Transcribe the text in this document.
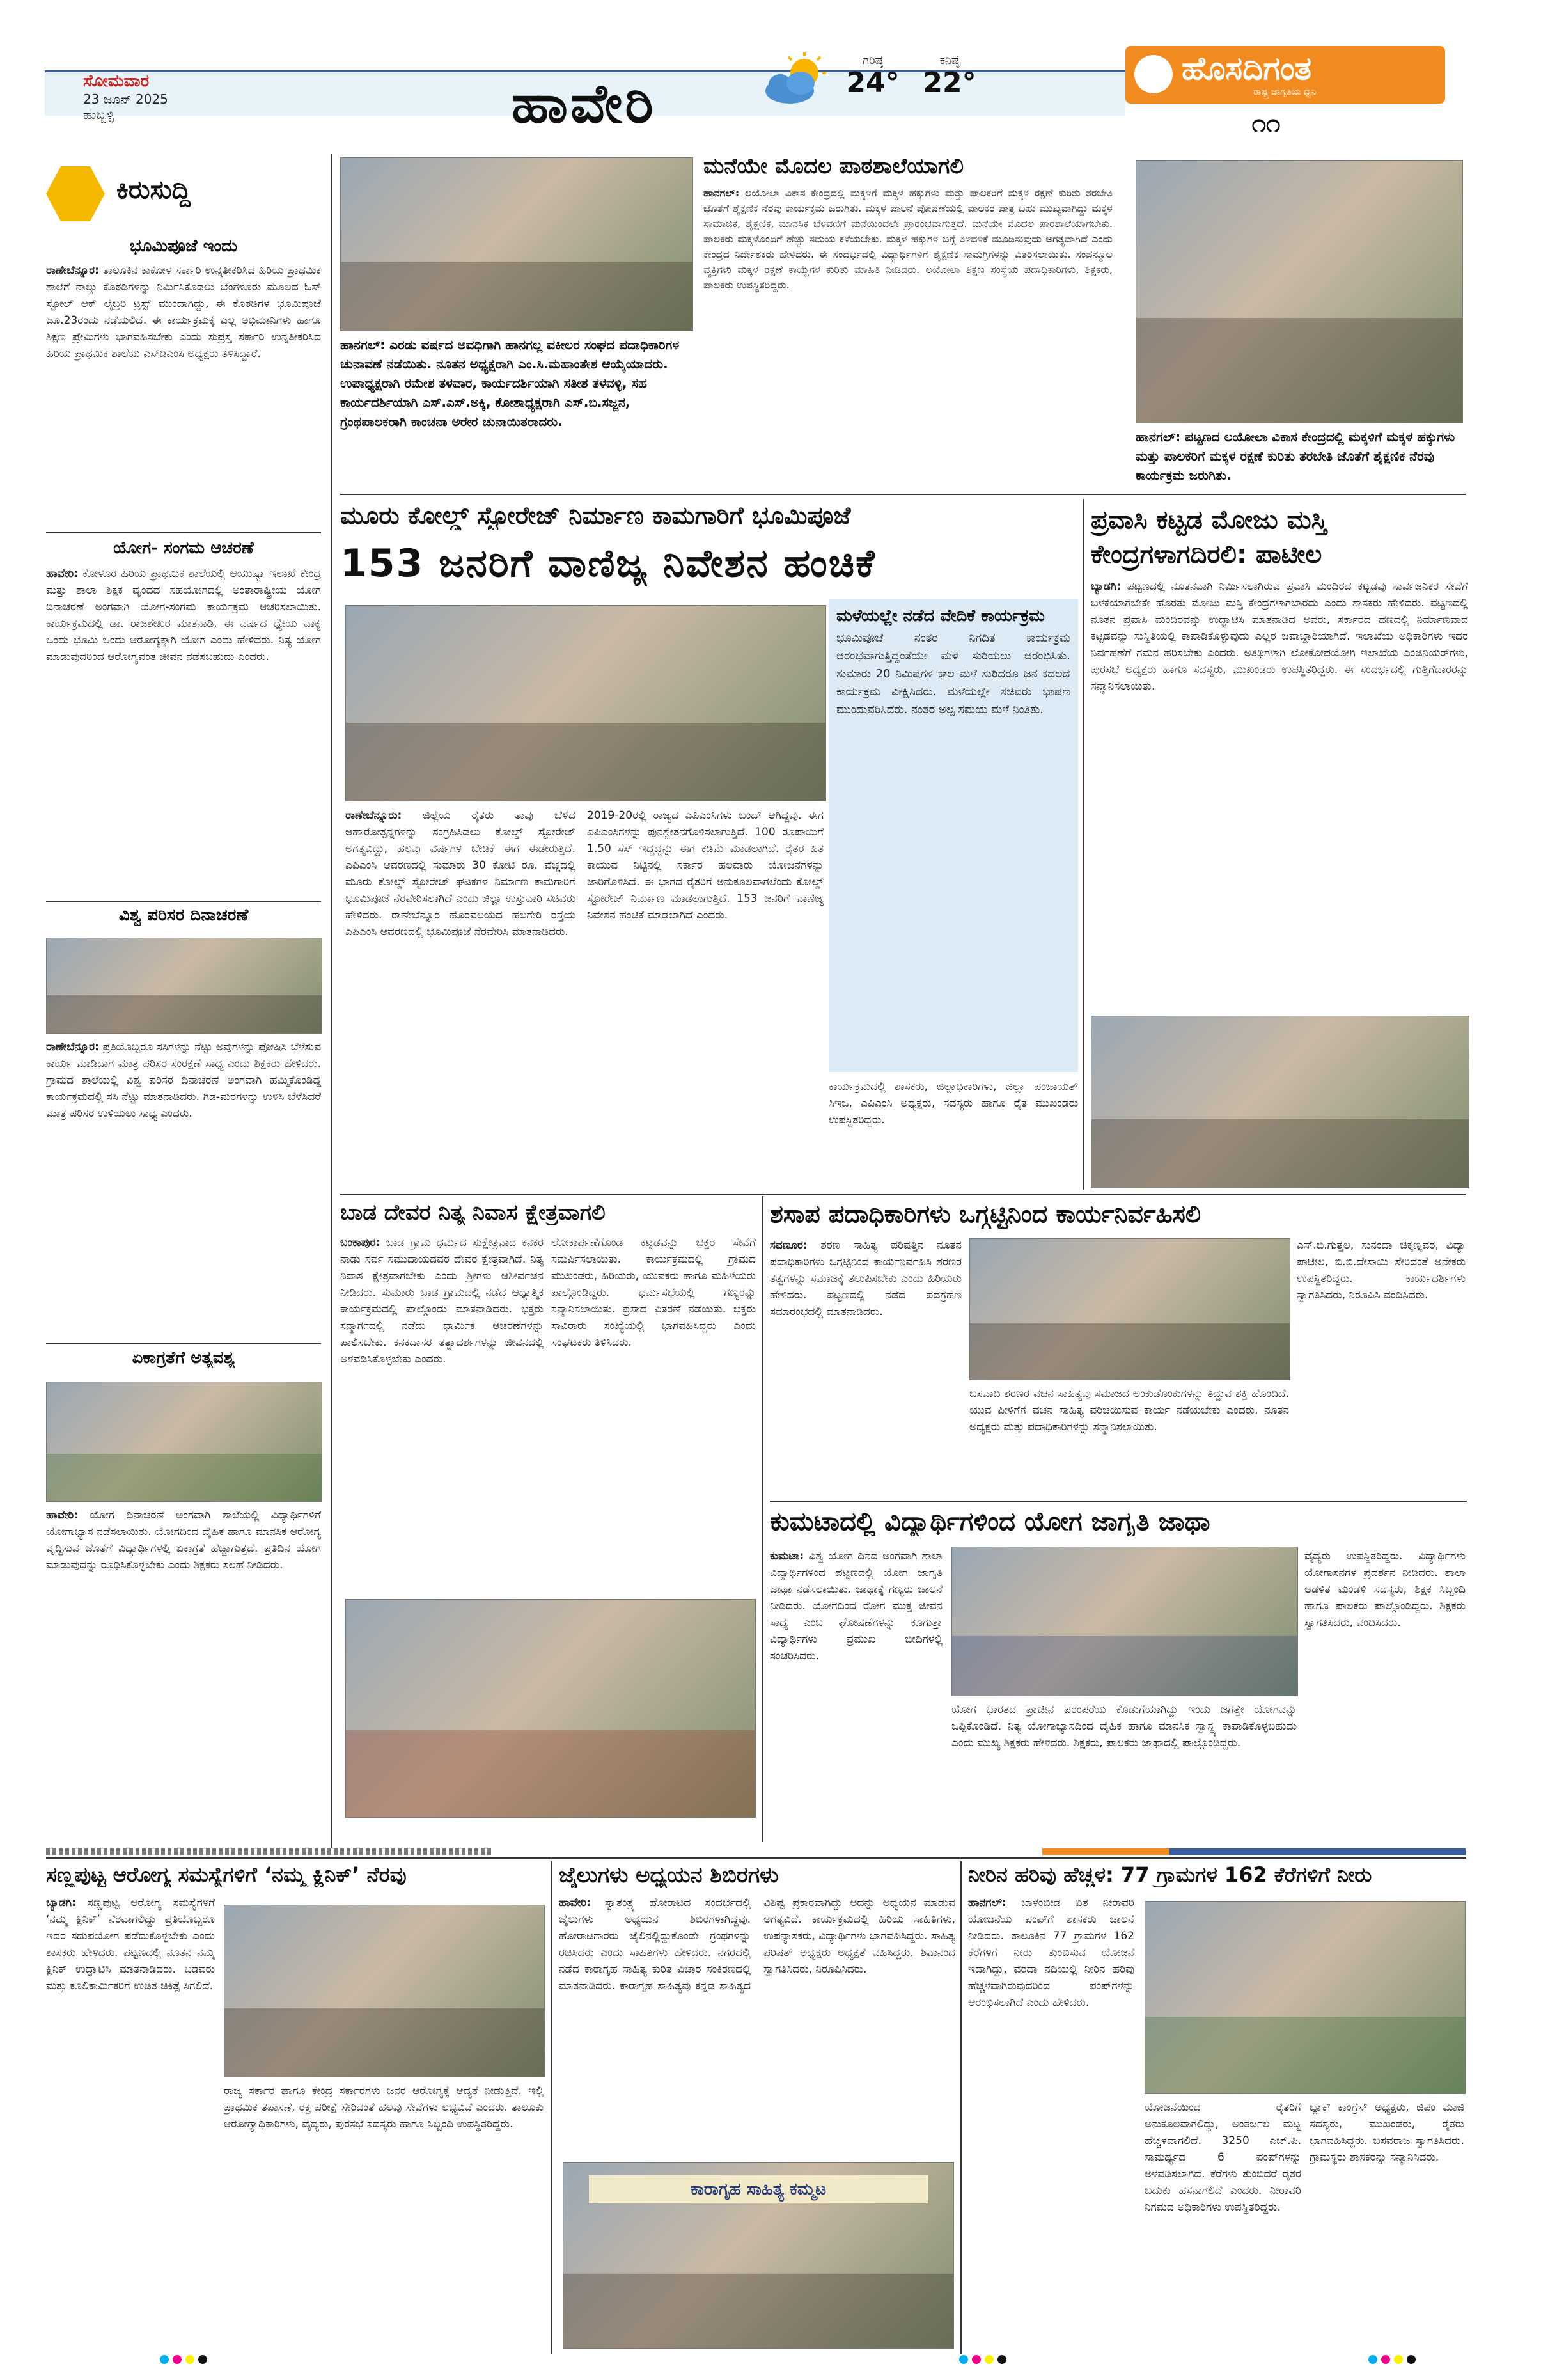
ಸೋಮವಾರ
23 ಜೂನ್ 2025
ಹುಬ್ಬಳ್ಳಿ	ಹಾವೇರಿ
ಗರಿಷ್ಠ
24°
ಕನಿಷ್ಠ
22°	ಹೊಸದಿಗಂತ
ರಾಷ್ಟ್ರ ಜಾಗೃತಿಯ ಧ್ವನಿ
೧೧
ಕಿರುಸುದ್ದಿ
ಭೂಮಿಪೂಜೆ ಇಂದು
ರಾಣೇಬೆನ್ನೂರ: ತಾಲೂಕಿನ ಕಾಕೋಳ ಸರ್ಕಾರಿ ಉನ್ನತೀಕರಿಸಿದ ಹಿರಿಯ ಪ್ರಾಥಮಿಕ ಶಾಲೆಗೆ ನಾಲ್ಕು ಕೊಠಡಿಗಳನ್ನು ನಿರ್ಮಿಸಿಕೊಡಲು ಬೆಂಗಳೂರು ಮೂಲದ ಓಸ್ ಸ್ಟೋಲ್ ಆಕ್ ಲೈಬ್ರರಿ ಟ್ರಸ್ಟ್‌ ಮುಂದಾಗಿದ್ದು, ಈ ಕೊಠಡಿಗಳ ಭೂಮಿಪೂಜೆ ಜೂ.23ರಂದು ನಡೆಯಲಿದೆ. ಈ ಕಾರ್ಯಕ್ರಮಕ್ಕೆ ಎಲ್ಲ ಅಭಿಮಾನಿಗಳು ಹಾಗೂ ಶಿಕ್ಷಣ ಪ್ರೇಮಿಗಳು ಭಾಗವಹಿಸಬೇಕು ಎಂದು ಸುಪ್ರಸ್ತ ಸರ್ಕಾರಿ ಉನ್ನತೀಕರಿಸಿದ ಹಿರಿಯ ಪ್ರಾಥಮಿಕ ಶಾಲೆಯ ಎಸ್‌ಡಿಎಂಸಿ ಅಧ್ಯಕ್ಷರು ತಿಳಿಸಿದ್ದಾರೆ.
ಯೋಗ- ಸಂಗಮ ಆಚರಣೆ
ಹಾವೇರಿ: ಕೋಳೂರ ಹಿರಿಯ ಪ್ರಾಥಮಿಕ ಶಾಲೆಯಲ್ಲಿ ಆಯುಷ್ಯಾ ಇಲಾಖೆ ಕೇಂದ್ರ ಮತ್ತು ಶಾಲಾ ಶಿಕ್ಷಕ ವೃಂದದ ಸಹಯೋಗದಲ್ಲಿ ಅಂತಾರಾಷ್ಟ್ರೀಯ ಯೋಗ ದಿನಾಚರಣೆ ಅಂಗವಾಗಿ ಯೋಗ-ಸಂಗಮ ಕಾರ್ಯಕ್ರಮ ಆಚರಿಸಲಾಯಿತು. ಕಾರ್ಯಕ್ರಮದಲ್ಲಿ ಡಾ. ರಾಜಶೇಖರ ಮಾತನಾಡಿ, ಈ ವರ್ಷದ ಧ್ಯೇಯ ವಾಕ್ಯ ಒಂದು ಭೂಮಿ ಒಂದು ಆರೋಗ್ಯಕ್ಕಾಗಿ ಯೋಗ ಎಂದು ಹೇಳಿದರು. ನಿತ್ಯ ಯೋಗ ಮಾಡುವುದರಿಂದ ಆರೋಗ್ಯವಂತ ಜೀವನ ನಡೆಸಬಹುದು ಎಂದರು.
ವಿಶ್ವ ಪರಿಸರ ದಿನಾಚರಣೆ
ರಾಣೇಬೆನ್ನೂರ: ಪ್ರತಿಯೊಬ್ಬರೂ ಸಸಿಗಳನ್ನು ನೆಟ್ಟು ಅವುಗಳನ್ನು ಪೋಷಿಸಿ ಬೆಳೆಸುವ ಕಾರ್ಯ ಮಾಡಿದಾಗ ಮಾತ್ರ ಪರಿಸರ ಸಂರಕ್ಷಣೆ ಸಾಧ್ಯ ಎಂದು ಶಿಕ್ಷಕರು ಹೇಳಿದರು. ಗ್ರಾಮದ ಶಾಲೆಯಲ್ಲಿ ವಿಶ್ವ ಪರಿಸರ ದಿನಾಚರಣೆ ಅಂಗವಾಗಿ ಹಮ್ಮಿಕೊಂಡಿದ್ದ ಕಾರ್ಯಕ್ರಮದಲ್ಲಿ ಸಸಿ ನೆಟ್ಟು ಮಾತನಾಡಿದರು. ಗಿಡ-ಮರಗಳನ್ನು ಉಳಿಸಿ ಬೆಳೆಸಿದರೆ ಮಾತ್ರ ಪರಿಸರ ಉಳಿಯಲು ಸಾಧ್ಯ ಎಂದರು.
ಏಕಾಗ್ರತೆಗೆ ಅತ್ಯವಶ್ಯ
ಹಾವೇರಿ: ಯೋಗ ದಿನಾಚರಣೆ ಅಂಗವಾಗಿ ಶಾಲೆಯಲ್ಲಿ ವಿದ್ಯಾರ್ಥಿಗಳಿಗೆ ಯೋಗಾಭ್ಯಾಸ ನಡೆಸಲಾಯಿತು. ಯೋಗದಿಂದ ದೈಹಿಕ ಹಾಗೂ ಮಾನಸಿಕ ಆರೋಗ್ಯ ವೃದ್ಧಿಸುವ ಜೊತೆಗೆ ವಿದ್ಯಾರ್ಥಿಗಳಲ್ಲಿ ಏಕಾಗ್ರತೆ ಹೆಚ್ಚಾಗುತ್ತದೆ. ಪ್ರತಿದಿನ ಯೋಗ ಮಾಡುವುದನ್ನು ರೂಢಿಸಿಕೊಳ್ಳಬೇಕು ಎಂದು ಶಿಕ್ಷಕರು ಸಲಹೆ ನೀಡಿದರು.
ಹಾನಗಲ್: ಎರಡು ವರ್ಷದ ಅವಧಿಗಾಗಿ ಹಾನಗಲ್ಲ ವಕೀಲರ ಸಂಘದ ಪದಾಧಿಕಾರಿಗಳ ಚುನಾವಣೆ ನಡೆಯಿತು. ನೂತನ ಅಧ್ಯಕ್ಷರಾಗಿ ಎಂ.ಸಿ.ಮಹಾಂತೇಶ ಆಯ್ಕೆಯಾದರು. ಉಪಾಧ್ಯಕ್ಷರಾಗಿ ರಮೇಶ ತಳವಾರ, ಕಾರ್ಯದರ್ಶಿಯಾಗಿ ಸತೀಶ ತಳವಳ್ಳಿ, ಸಹ ಕಾರ್ಯದರ್ಶಿಯಾಗಿ ಎಸ್.ಎಸ್.ಅಕ್ಕಿ, ಕೋಶಾಧ್ಯಕ್ಷರಾಗಿ ಎಸ್.ಬಿ.ಸಜ್ಜನ, ಗ್ರಂಥಪಾಲಕರಾಗಿ ಕಾಂಚನಾ ಅರೇರ ಚುನಾಯಿತರಾದರು.
ಮನೆಯೇ ಮೊದಲ ಪಾಠಶಾಲೆಯಾಗಲಿ
ಹಾನಗಲ್: ಲಯೋಲಾ ವಿಕಾಸ ಕೇಂದ್ರದಲ್ಲಿ ಮಕ್ಕಳಿಗೆ ಮಕ್ಕಳ ಹಕ್ಕುಗಳು ಮತ್ತು ಪಾಲಕರಿಗೆ ಮಕ್ಕಳ ರಕ್ಷಣೆ ಕುರಿತು ತರಬೇತಿ ಜೊತೆಗೆ ಶೈಕ್ಷಣಿಕ ನೆರವು ಕಾರ್ಯಕ್ರಮ ಜರುಗಿತು. ಮಕ್ಕಳ ಪಾಲನೆ ಪೋಷಣೆಯಲ್ಲಿ ಪಾಲಕರ ಪಾತ್ರ ಬಹು ಮುಖ್ಯವಾಗಿದ್ದು ಮಕ್ಕಳ ಸಾಮಾಜಿಕ, ಶೈಕ್ಷಣಿಕ, ಮಾನಸಿಕ ಬೆಳವಣಿಗೆ ಮನೆಯಿಂದಲೇ ಪ್ರಾರಂಭವಾಗುತ್ತದೆ. ಮನೆಯೇ ಮೊದಲ ಪಾಠಶಾಲೆಯಾಗಬೇಕು. ಪಾಲಕರು ಮಕ್ಕಳೊಂದಿಗೆ ಹೆಚ್ಚು ಸಮಯ ಕಳೆಯಬೇಕು. ಮಕ್ಕಳ ಹಕ್ಕುಗಳ ಬಗ್ಗೆ ತಿಳಿವಳಿಕೆ ಮೂಡಿಸುವುದು ಅಗತ್ಯವಾಗಿದೆ ಎಂದು ಕೇಂದ್ರದ ನಿರ್ದೇಶಕರು ಹೇಳಿದರು. ಈ ಸಂದರ್ಭದಲ್ಲಿ ವಿದ್ಯಾರ್ಥಿಗಳಿಗೆ ಶೈಕ್ಷಣಿಕ ಸಾಮಗ್ರಿಗಳನ್ನು ವಿತರಿಸಲಾಯಿತು. ಸಂಪನ್ಮೂಲ ವ್ಯಕ್ತಿಗಳು ಮಕ್ಕಳ ರಕ್ಷಣೆ ಕಾಯ್ದೆಗಳ ಕುರಿತು ಮಾಹಿತಿ ನೀಡಿದರು. ಲಯೋಲಾ ಶಿಕ್ಷಣ ಸಂಸ್ಥೆಯ ಪದಾಧಿಕಾರಿಗಳು, ಶಿಕ್ಷಕರು, ಪಾಲಕರು ಉಪಸ್ಥಿತರಿದ್ದರು.
ಹಾನಗಲ್: ಪಟ್ಟಣದ ಲಯೋಲಾ ವಿಕಾಸ ಕೇಂದ್ರದಲ್ಲಿ ಮಕ್ಕಳಿಗೆ ಮಕ್ಕಳ ಹಕ್ಕುಗಳು ಮತ್ತು ಪಾಲಕರಿಗೆ ಮಕ್ಕಳ ರಕ್ಷಣೆ ಕುರಿತು ತರಬೇತಿ ಜೊತೆಗೆ ಶೈಕ್ಷಣಿಕ ನೆರವು ಕಾರ್ಯಕ್ರಮ ಜರುಗಿತು.
ಮೂರು ಕೋಲ್ಡ್ ಸ್ಟೋರೇಜ್ ನಿರ್ಮಾಣ ಕಾಮಗಾರಿಗೆ ಭೂಮಿಪೂಜೆ
153 ಜನರಿಗೆ ವಾಣಿಜ್ಯ ನಿವೇಶನ ಹಂಚಿಕೆ
ಮಳೆಯಲ್ಲೇ ನಡೆದ ವೇದಿಕೆ ಕಾರ್ಯಕ್ರಮ
ಭೂಮಿಪೂಜೆ ನಂತರ ನಿಗದಿತ ಕಾರ್ಯಕ್ರಮ ಆರಂಭವಾಗುತ್ತಿದ್ದಂತೆಯೇ ಮಳೆ ಸುರಿಯಲು ಆರಂಭಿಸಿತು. ಸುಮಾರು 20 ನಿಮಿಷಗಳ ಕಾಲ ಮಳೆ ಸುರಿದರೂ ಜನ ಕದಲದೆ ಕಾರ್ಯಕ್ರಮ ವೀಕ್ಷಿಸಿದರು. ಮಳೆಯಲ್ಲೇ ಸಚಿವರು ಭಾಷಣ ಮುಂದುವರಿಸಿದರು. ನಂತರ ಅಲ್ಪ ಸಮಯ ಮಳೆ ನಿಂತಿತು.
ರಾಣೇಬೆನ್ನೂರು: ಜಿಲ್ಲೆಯ ರೈತರು ತಾವು ಬೆಳೆದ ಆಹಾರೋತ್ಪನ್ನಗಳನ್ನು ಸಂಗ್ರಹಿಸಿಡಲು ಕೋಲ್ಡ್ ಸ್ಟೋರೇಜ್ ಅಗತ್ಯವಿದ್ದು, ಹಲವು ವರ್ಷಗಳ ಬೇಡಿಕೆ ಈಗ ಈಡೇರುತ್ತಿದೆ. ಎಪಿಎಂಸಿ ಆವರಣದಲ್ಲಿ ಸುಮಾರು 30 ಕೋಟಿ ರೂ. ವೆಚ್ಚದಲ್ಲಿ ಮೂರು ಕೋಲ್ಡ್ ಸ್ಟೋರೇಜ್ ಘಟಕಗಳ ನಿರ್ಮಾಣ ಕಾಮಗಾರಿಗೆ ಭೂಮಿಪೂಜೆ ನೆರವೇರಿಸಲಾಗಿದೆ ಎಂದು ಜಿಲ್ಲಾ ಉಸ್ತುವಾರಿ ಸಚಿವರು ಹೇಳಿದರು. ರಾಣೇಬೆನ್ನೂರ ಹೊರವಲಯದ ಹಲಗೇರಿ ರಸ್ತೆಯ ಎಪಿಎಂಸಿ ಆವರಣದಲ್ಲಿ ಭೂಮಿಪೂಜೆ ನೆರವೇರಿಸಿ ಮಾತನಾಡಿದರು.
2019-20ರಲ್ಲಿ ರಾಜ್ಯದ ಎಪಿಎಂಸಿಗಳು ಬಂದ್ ಆಗಿದ್ದವು. ಈಗ ಎಪಿಎಂಸಿಗಳನ್ನು ಪುನಶ್ಚೇತನಗೊಳಿಸಲಾಗುತ್ತಿದೆ. 100 ರೂಪಾಯಿಗೆ 1.50 ಸೆಸ್ ಇದ್ದದ್ದನ್ನು ಈಗ ಕಡಿಮೆ ಮಾಡಲಾಗಿದೆ. ರೈತರ ಹಿತ ಕಾಯುವ ನಿಟ್ಟಿನಲ್ಲಿ ಸರ್ಕಾರ ಹಲವಾರು ಯೋಜನೆಗಳನ್ನು ಜಾರಿಗೊಳಿಸಿದೆ. ಈ ಭಾಗದ ರೈತರಿಗೆ ಅನುಕೂಲವಾಗಲೆಂದು ಕೋಲ್ಡ್ ಸ್ಟೋರೇಜ್ ನಿರ್ಮಾಣ ಮಾಡಲಾಗುತ್ತಿದೆ. 153 ಜನರಿಗೆ ವಾಣಿಜ್ಯ ನಿವೇಶನ ಹಂಚಿಕೆ ಮಾಡಲಾಗಿದೆ ಎಂದರು.
ಕಾರ್ಯಕ್ರಮದಲ್ಲಿ ಶಾಸಕರು, ಜಿಲ್ಲಾಧಿಕಾರಿಗಳು, ಜಿಲ್ಲಾ ಪಂಚಾಯತ್ ಸಿಇಒ, ಎಪಿಎಂಸಿ ಅಧ್ಯಕ್ಷರು, ಸದಸ್ಯರು ಹಾಗೂ ರೈತ ಮುಖಂಡರು ಉಪಸ್ಥಿತರಿದ್ದರು.
ಪ್ರವಾಸಿ ಕಟ್ಟಡ ಮೋಜು ಮಸ್ತಿ ಕೇಂದ್ರಗಳಾಗದಿರಲಿ: ಪಾಟೀಲ
ಬ್ಯಾಡಗಿ: ಪಟ್ಟಣದಲ್ಲಿ ನೂತನವಾಗಿ ನಿರ್ಮಿಸಲಾಗಿರುವ ಪ್ರವಾಸಿ ಮಂದಿರದ ಕಟ್ಟಡವು ಸಾರ್ವಜನಿಕರ ಸೇವೆಗೆ ಬಳಕೆಯಾಗಬೇಕೇ ಹೊರತು ಮೋಜು ಮಸ್ತಿ ಕೇಂದ್ರಗಳಾಗಬಾರದು ಎಂದು ಶಾಸಕರು ಹೇಳಿದರು. ಪಟ್ಟಣದಲ್ಲಿ ನೂತನ ಪ್ರವಾಸಿ ಮಂದಿರವನ್ನು ಉದ್ಘಾಟಿಸಿ ಮಾತನಾಡಿದ ಅವರು, ಸರ್ಕಾರದ ಹಣದಲ್ಲಿ ನಿರ್ಮಾಣವಾದ ಕಟ್ಟಡವನ್ನು ಸುಸ್ಥಿತಿಯಲ್ಲಿ ಕಾಪಾಡಿಕೊಳ್ಳುವುದು ಎಲ್ಲರ ಜವಾಬ್ದಾರಿಯಾಗಿದೆ. ಇಲಾಖೆಯ ಅಧಿಕಾರಿಗಳು ಇದರ ನಿರ್ವಹಣೆಗೆ ಗಮನ ಹರಿಸಬೇಕು ಎಂದರು. ಅತಿಥಿಗಳಾಗಿ ಲೋಕೋಪಯೋಗಿ ಇಲಾಖೆಯ ಎಂಜಿನಿಯರ್‌ಗಳು, ಪುರಸಭೆ ಅಧ್ಯಕ್ಷರು ಹಾಗೂ ಸದಸ್ಯರು, ಮುಖಂಡರು ಉಪಸ್ಥಿತರಿದ್ದರು. ಈ ಸಂದರ್ಭದಲ್ಲಿ ಗುತ್ತಿಗೆದಾರರನ್ನು ಸನ್ಮಾನಿಸಲಾಯಿತು.
ಬಾಡ ದೇವರ ನಿತ್ಯ ನಿವಾಸ ಕ್ಷೇತ್ರವಾಗಲಿ
ಬಂಕಾಪುರ: ಬಾಡ ಗ್ರಾಮ ಧರ್ಮದ ಸುಕ್ಷೇತ್ರವಾದ ಕನಕರ ನಾಡು ಸರ್ವ ಸಮುದಾಯದವರ ದೇವರ ಕ್ಷೇತ್ರವಾಗಿದೆ. ನಿತ್ಯ ನಿವಾಸ ಕ್ಷೇತ್ರವಾಗಬೇಕು ಎಂದು ಶ್ರೀಗಳು ಆಶೀರ್ವಚನ ನೀಡಿದರು. ಸುಮಾರು ಬಾಡ ಗ್ರಾಮದಲ್ಲಿ ನಡೆದ ಆಧ್ಯಾತ್ಮಿಕ ಕಾರ್ಯಕ್ರಮದಲ್ಲಿ ಪಾಲ್ಗೊಂಡು ಮಾತನಾಡಿದರು. ಭಕ್ತರು ಸನ್ಮಾರ್ಗದಲ್ಲಿ ನಡೆದು ಧಾರ್ಮಿಕ ಆಚರಣೆಗಳನ್ನು ಪಾಲಿಸಬೇಕು. ಕನಕದಾಸರ ತತ್ವಾದರ್ಶಗಳನ್ನು ಜೀವನದಲ್ಲಿ ಅಳವಡಿಸಿಕೊಳ್ಳಬೇಕು ಎಂದರು.
ಲೋಕಾರ್ಪಣೆಗೊಂಡ ಕಟ್ಟಡವನ್ನು ಭಕ್ತರ ಸೇವೆಗೆ ಸಮರ್ಪಿಸಲಾಯಿತು. ಕಾರ್ಯಕ್ರಮದಲ್ಲಿ ಗ್ರಾಮದ ಮುಖಂಡರು, ಹಿರಿಯರು, ಯುವಕರು ಹಾಗೂ ಮಹಿಳೆಯರು ಪಾಲ್ಗೊಂಡಿದ್ದರು. ಧರ್ಮಸಭೆಯಲ್ಲಿ ಗಣ್ಯರನ್ನು ಸನ್ಮಾನಿಸಲಾಯಿತು. ಪ್ರಸಾದ ವಿತರಣೆ ನಡೆಯಿತು. ಭಕ್ತರು ಸಾವಿರಾರು ಸಂಖ್ಯೆಯಲ್ಲಿ ಭಾಗವಹಿಸಿದ್ದರು ಎಂದು ಸಂಘಟಕರು ತಿಳಿಸಿದರು.
ಶಸಾಪ ಪದಾಧಿಕಾರಿಗಳು ಒಗ್ಗಟ್ಟಿನಿಂದ ಕಾರ್ಯನಿರ್ವಹಿಸಲಿ
ಸವಣೂರ: ಶರಣ ಸಾಹಿತ್ಯ ಪರಿಷತ್ತಿನ ನೂತನ ಪದಾಧಿಕಾರಿಗಳು ಒಗ್ಗಟ್ಟಿನಿಂದ ಕಾರ್ಯನಿರ್ವಹಿಸಿ ಶರಣರ ತತ್ವಗಳನ್ನು ಸಮಾಜಕ್ಕೆ ತಲುಪಿಸಬೇಕು ಎಂದು ಹಿರಿಯರು ಹೇಳಿದರು. ಪಟ್ಟಣದಲ್ಲಿ ನಡೆದ ಪದಗ್ರಹಣ ಸಮಾರಂಭದಲ್ಲಿ ಮಾತನಾಡಿದರು.
ಬಸವಾದಿ ಶರಣರ ವಚನ ಸಾಹಿತ್ಯವು ಸಮಾಜದ ಅಂಕುಡೊಂಕುಗಳನ್ನು ತಿದ್ದುವ ಶಕ್ತಿ ಹೊಂದಿದೆ. ಯುವ ಪೀಳಿಗೆಗೆ ವಚನ ಸಾಹಿತ್ಯ ಪರಿಚಯಿಸುವ ಕಾರ್ಯ ನಡೆಯಬೇಕು ಎಂದರು. ನೂತನ ಅಧ್ಯಕ್ಷರು ಮತ್ತು ಪದಾಧಿಕಾರಿಗಳನ್ನು ಸನ್ಮಾನಿಸಲಾಯಿತು.
ಎಸ್.ಬಿ.ಗುತ್ತಲ, ಸುನಂದಾ ಚಿಕ್ಕಣ್ಣವರ, ವಿದ್ಯಾ ಪಾಟೀಲ, ಬಿ.ಬಿ.ದೇಸಾಯಿ ಸೇರಿದಂತೆ ಅನೇಕರು ಉಪಸ್ಥಿತರಿದ್ದರು. ಕಾರ್ಯದರ್ಶಿಗಳು ಸ್ವಾಗತಿಸಿದರು, ನಿರೂಪಿಸಿ ವಂದಿಸಿದರು.
ಕುಮಟಾದಲ್ಲಿ ವಿದ್ಯಾರ್ಥಿಗಳಿಂದ ಯೋಗ ಜಾಗೃತಿ ಜಾಥಾ
ಕುಮಟಾ: ವಿಶ್ವ ಯೋಗ ದಿನದ ಅಂಗವಾಗಿ ಶಾಲಾ ವಿದ್ಯಾರ್ಥಿಗಳಿಂದ ಪಟ್ಟಣದಲ್ಲಿ ಯೋಗ ಜಾಗೃತಿ ಜಾಥಾ ನಡೆಸಲಾಯಿತು. ಜಾಥಾಕ್ಕೆ ಗಣ್ಯರು ಚಾಲನೆ ನೀಡಿದರು. ಯೋಗದಿಂದ ರೋಗ ಮುಕ್ತ ಜೀವನ ಸಾಧ್ಯ ಎಂಬ ಘೋಷಣೆಗಳನ್ನು ಕೂಗುತ್ತಾ ವಿದ್ಯಾರ್ಥಿಗಳು ಪ್ರಮುಖ ಬೀದಿಗಳಲ್ಲಿ ಸಂಚರಿಸಿದರು.
ಯೋಗ ಭಾರತದ ಪ್ರಾಚೀನ ಪರಂಪರೆಯ ಕೊಡುಗೆಯಾಗಿದ್ದು ಇಂದು ಜಗತ್ತೇ ಯೋಗವನ್ನು ಒಪ್ಪಿಕೊಂಡಿದೆ. ನಿತ್ಯ ಯೋಗಾಭ್ಯಾಸದಿಂದ ದೈಹಿಕ ಹಾಗೂ ಮಾನಸಿಕ ಸ್ವಾಸ್ಥ್ಯ ಕಾಪಾಡಿಕೊಳ್ಳಬಹುದು ಎಂದು ಮುಖ್ಯ ಶಿಕ್ಷಕರು ಹೇಳಿದರು. ಶಿಕ್ಷಕರು, ಪಾಲಕರು ಜಾಥಾದಲ್ಲಿ ಪಾಲ್ಗೊಂಡಿದ್ದರು.
ವೈದ್ಯರು ಉಪಸ್ಥಿತರಿದ್ದರು. ವಿದ್ಯಾರ್ಥಿಗಳು ಯೋಗಾಸನಗಳ ಪ್ರದರ್ಶನ ನೀಡಿದರು. ಶಾಲಾ ಆಡಳಿತ ಮಂಡಳಿ ಸದಸ್ಯರು, ಶಿಕ್ಷಕ ಸಿಬ್ಬಂದಿ ಹಾಗೂ ಪಾಲಕರು ಪಾಲ್ಗೊಂಡಿದ್ದರು. ಶಿಕ್ಷಕರು ಸ್ವಾಗತಿಸಿದರು, ವಂದಿಸಿದರು.
ಸಣ್ಣಪುಟ್ಟ ಆರೋಗ್ಯ ಸಮಸ್ಯೆಗಳಿಗೆ ‘ನಮ್ಮ ಕ್ಲಿನಿಕ್’ ನೆರವು
ಬ್ಯಾಡಗಿ: ಸಣ್ಣಪುಟ್ಟ ಆರೋಗ್ಯ ಸಮಸ್ಯೆಗಳಿಗೆ ‘ನಮ್ಮ ಕ್ಲಿನಿಕ್’ ನೆರವಾಗಲಿದ್ದು ಪ್ರತಿಯೊಬ್ಬರೂ ಇದರ ಸದುಪಯೋಗ ಪಡೆದುಕೊಳ್ಳಬೇಕು ಎಂದು ಶಾಸಕರು ಹೇಳಿದರು. ಪಟ್ಟಣದಲ್ಲಿ ನೂತನ ನಮ್ಮ ಕ್ಲಿನಿಕ್ ಉದ್ಘಾಟಿಸಿ ಮಾತನಾಡಿದರು. ಬಡವರು ಮತ್ತು ಕೂಲಿಕಾರ್ಮಿಕರಿಗೆ ಉಚಿತ ಚಿಕಿತ್ಸೆ ಸಿಗಲಿದೆ.
ರಾಜ್ಯ ಸರ್ಕಾರ ಹಾಗೂ ಕೇಂದ್ರ ಸರ್ಕಾರಗಳು ಜನರ ಆರೋಗ್ಯಕ್ಕೆ ಆದ್ಯತೆ ನೀಡುತ್ತಿವೆ. ಇಲ್ಲಿ ಪ್ರಾಥಮಿಕ ತಪಾಸಣೆ, ರಕ್ತ ಪರೀಕ್ಷೆ ಸೇರಿದಂತೆ ಹಲವು ಸೇವೆಗಳು ಲಭ್ಯವಿವೆ ಎಂದರು. ತಾಲೂಕು ಆರೋಗ್ಯಾಧಿಕಾರಿಗಳು, ವೈದ್ಯರು, ಪುರಸಭೆ ಸದಸ್ಯರು ಹಾಗೂ ಸಿಬ್ಬಂದಿ ಉಪಸ್ಥಿತರಿದ್ದರು.
ಜೈಲುಗಳು ಅಧ್ಯಯನ ಶಿಬಿರಗಳು
ಹಾವೇರಿ: ಸ್ವಾತಂತ್ರ್ಯ ಹೋರಾಟದ ಸಂದರ್ಭದಲ್ಲಿ ಜೈಲುಗಳು ಅಧ್ಯಯನ ಶಿಬಿರಗಳಾಗಿದ್ದವು. ಹೋರಾಟಗಾರರು ಜೈಲಿನಲ್ಲಿದ್ದುಕೊಂಡೇ ಗ್ರಂಥಗಳನ್ನು ರಚಿಸಿದರು ಎಂದು ಸಾಹಿತಿಗಳು ಹೇಳಿದರು. ನಗರದಲ್ಲಿ ನಡೆದ ಕಾರಾಗೃಹ ಸಾಹಿತ್ಯ ಕುರಿತ ವಿಚಾರ ಸಂಕಿರಣದಲ್ಲಿ ಮಾತನಾಡಿದರು. ಕಾರಾಗೃಹ ಸಾಹಿತ್ಯವು ಕನ್ನಡ ಸಾಹಿತ್ಯದ ವಿಶಿಷ್ಟ ಪ್ರಕಾರವಾಗಿದ್ದು ಅದನ್ನು ಅಧ್ಯಯನ ಮಾಡುವ ಅಗತ್ಯವಿದೆ. ಕಾರ್ಯಕ್ರಮದಲ್ಲಿ ಹಿರಿಯ ಸಾಹಿತಿಗಳು, ಉಪನ್ಯಾಸಕರು, ವಿದ್ಯಾರ್ಥಿಗಳು ಭಾಗವಹಿಸಿದ್ದರು. ಸಾಹಿತ್ಯ ಪರಿಷತ್ ಅಧ್ಯಕ್ಷರು ಅಧ್ಯಕ್ಷತೆ ವಹಿಸಿದ್ದರು. ಶಿವಾನಂದ ಸ್ವಾಗತಿಸಿದರು, ನಿರೂಪಿಸಿದರು.
ಕಾರಾಗೃಹ ಸಾಹಿತ್ಯ ಕಮ್ಮಟ
ನೀರಿನ ಹರಿವು ಹೆಚ್ಚಳ: 77 ಗ್ರಾಮಗಳ 162 ಕೆರೆಗಳಿಗೆ ನೀರು
ಹಾನಗಲ್: ಬಾಳಂಬೀಡ ಏತ ನೀರಾವರಿ ಯೋಜನೆಯ ಪಂಪ್‌ಗೆ ಶಾಸಕರು ಚಾಲನೆ ನೀಡಿದರು. ತಾಲೂಕಿನ 77 ಗ್ರಾಮಗಳ 162 ಕೆರೆಗಳಿಗೆ ನೀರು ತುಂಬಿಸುವ ಯೋಜನೆ ಇದಾಗಿದ್ದು, ವರದಾ ನದಿಯಲ್ಲಿ ನೀರಿನ ಹರಿವು ಹೆಚ್ಚಳವಾಗಿರುವುದರಿಂದ ಪಂಪ್‌ಗಳನ್ನು ಆರಂಭಿಸಲಾಗಿದೆ ಎಂದು ಹೇಳಿದರು.
ಯೋಜನೆಯಿಂದ ರೈತರಿಗೆ ಅನುಕೂಲವಾಗಲಿದ್ದು, ಅಂತರ್ಜಲ ಮಟ್ಟ ಹೆಚ್ಚಳವಾಗಲಿದೆ. 3250 ಎಚ್.ಪಿ. ಸಾಮರ್ಥ್ಯದ 6 ಪಂಪ್‌ಗಳನ್ನು ಅಳವಡಿಸಲಾಗಿದೆ. ಕೆರೆಗಳು ತುಂಬಿದರೆ ರೈತರ ಬದುಕು ಹಸನಾಗಲಿದೆ ಎಂದರು. ನೀರಾವರಿ ನಿಗಮದ ಅಧಿಕಾರಿಗಳು ಉಪಸ್ಥಿತರಿದ್ದರು.
ಬ್ಲಾಕ್ ಕಾಂಗ್ರೆಸ್ ಅಧ್ಯಕ್ಷರು, ಜಿಪಂ ಮಾಜಿ ಸದಸ್ಯರು, ಮುಖಂಡರು, ರೈತರು ಭಾಗವಹಿಸಿದ್ದರು. ಬಸವರಾಜ ಸ್ವಾಗತಿಸಿದರು. ಗ್ರಾಮಸ್ಥರು ಶಾಸಕರನ್ನು ಸನ್ಮಾನಿಸಿದರು.
